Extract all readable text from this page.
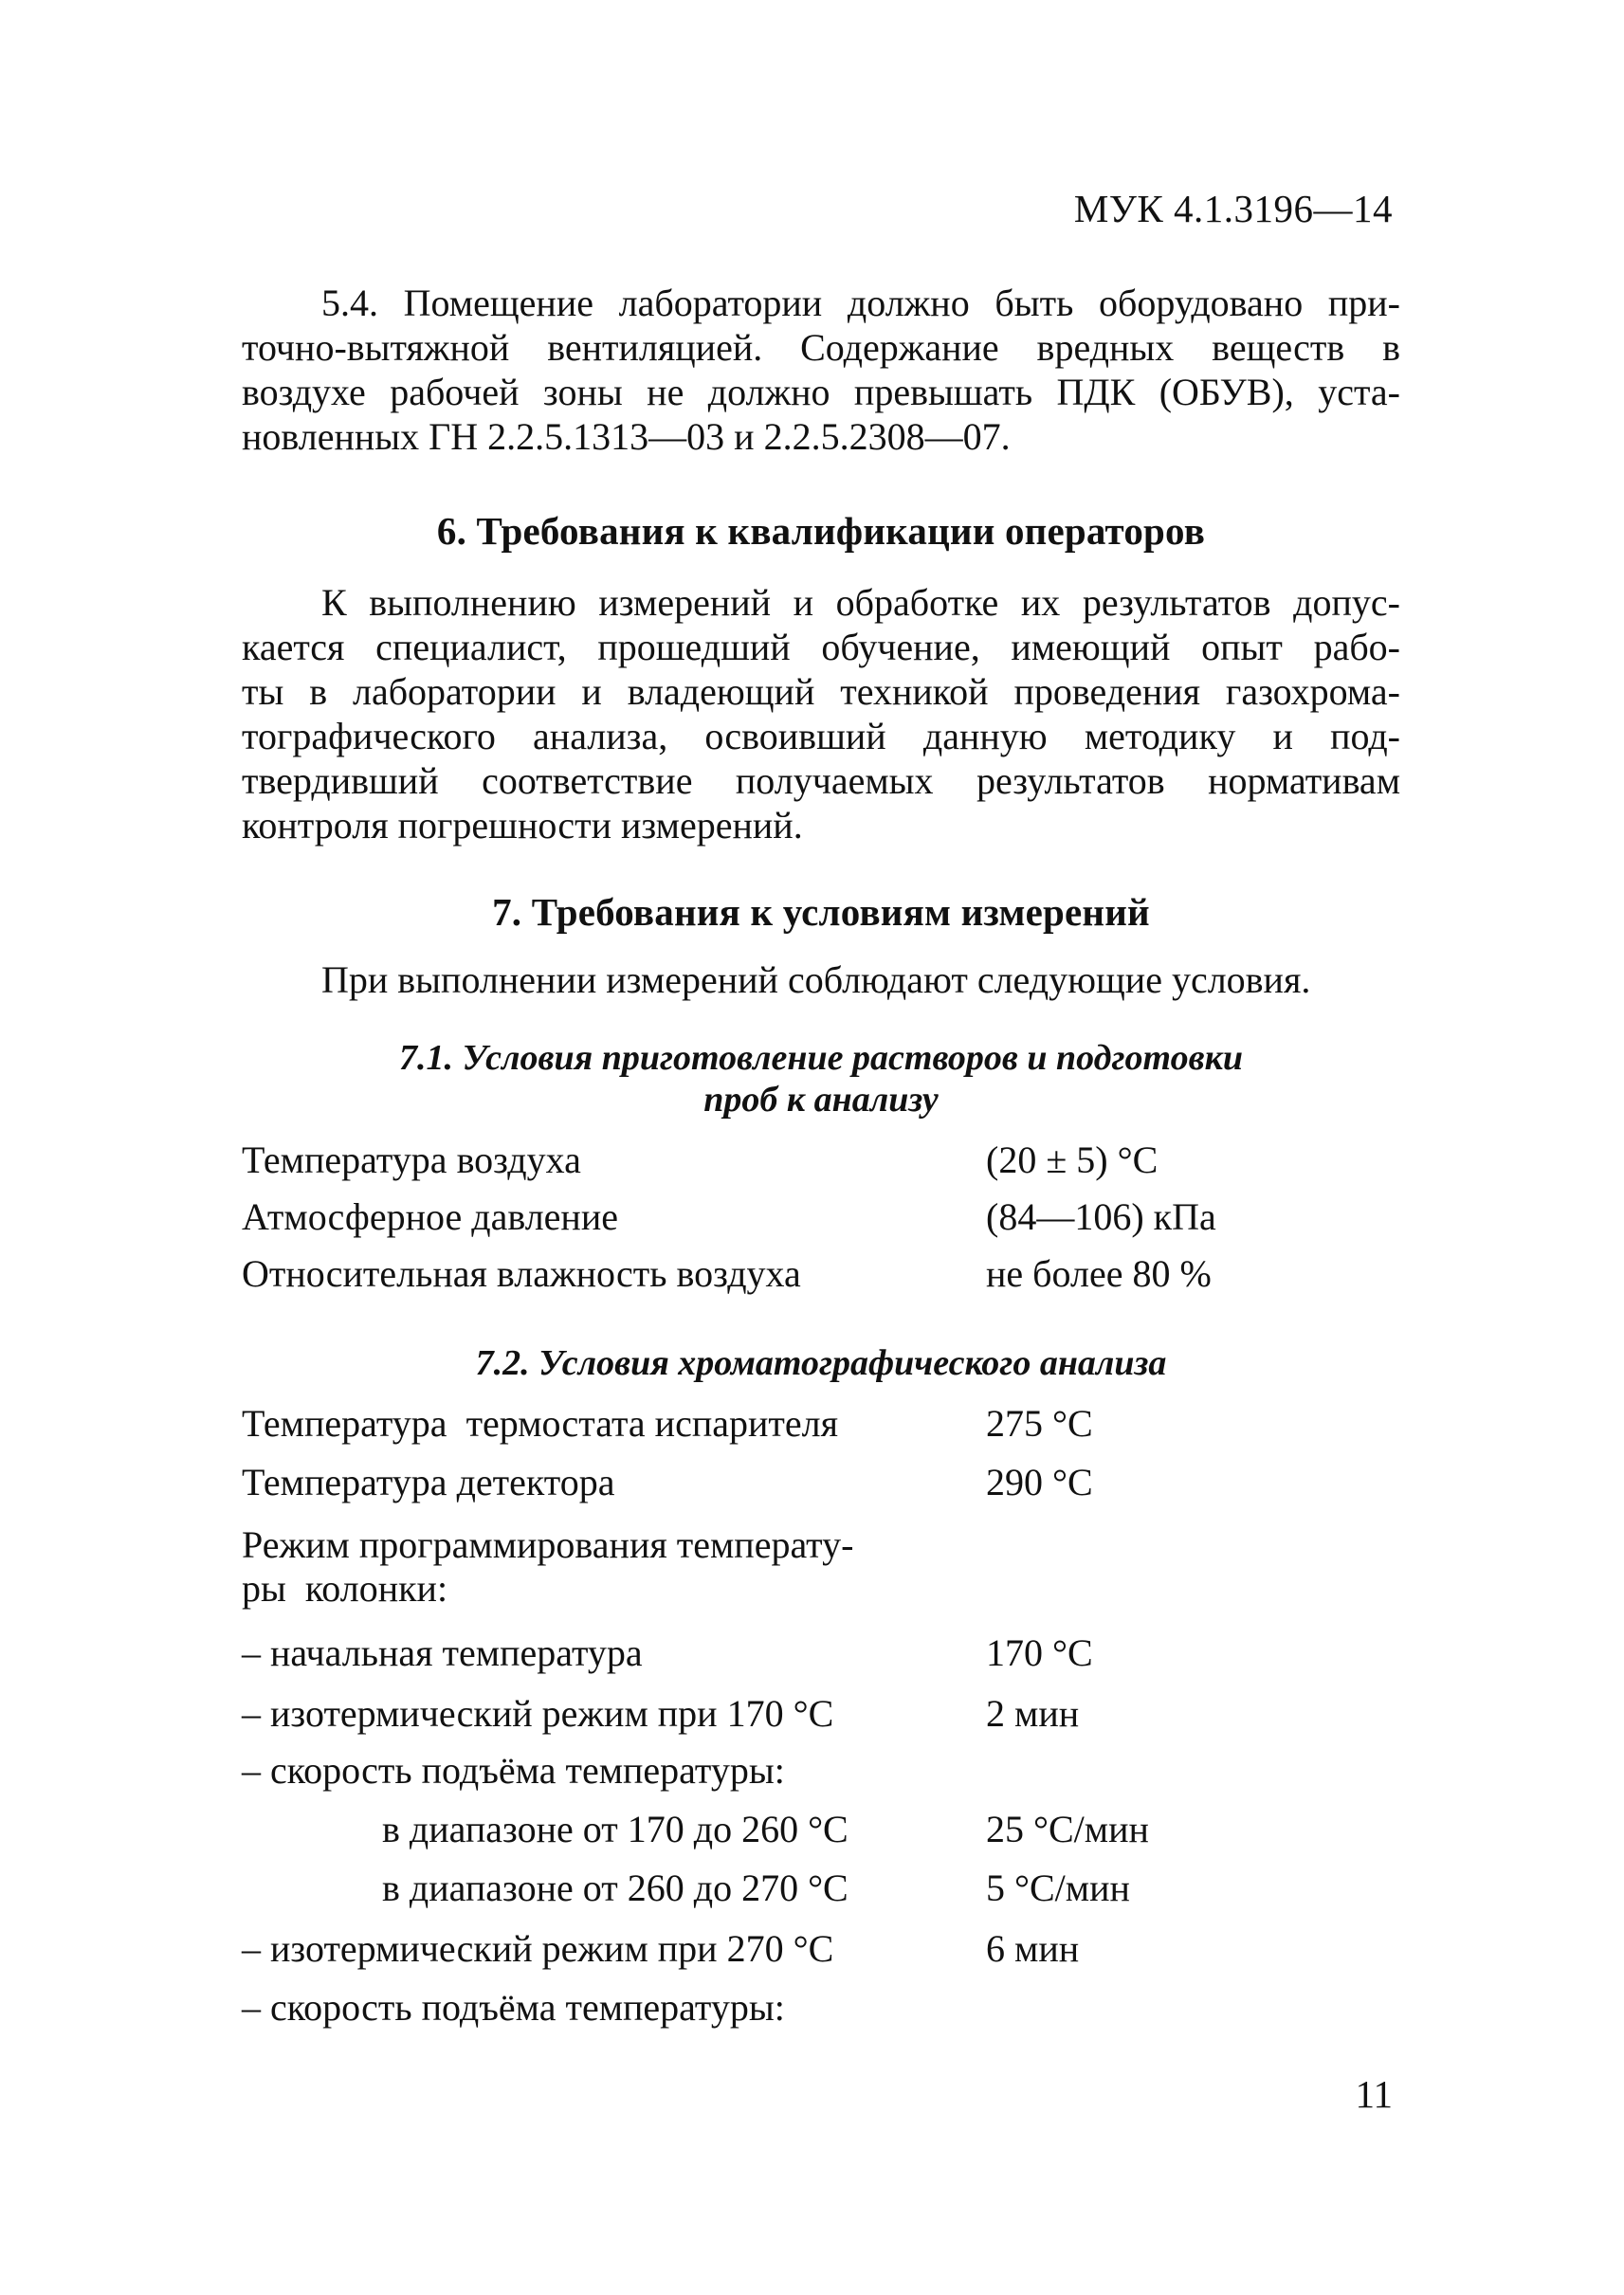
МУК 4.1.3196—14
5.4. Помещение лаборатории должно быть оборудовано при-
точно-вытяжной вентиляцией. Содержание вредных веществ в
воздухе рабочей зоны не должно превышать ПДК (ОБУВ), уста-
новленных ГН 2.2.5.1313—03 и 2.2.5.2308—07.
6. Требования к квалификации операторов
К выполнению измерений и обработке их результатов допус-
кается специалист, прошедший обучение, имеющий опыт рабо-
ты в лаборатории и владеющий техникой проведения газохрома-
тографического анализа, освоивший данную методику и под-
твердивший соответствие получаемых результатов нормативам
контроля погрешности измерений.
7. Требования к условиям измерений
При выполнении измерений соблюдают следующие условия.
7.1. Условия приготовление растворов и подготовки
проб к анализу
Температура воздуха	(20 ± 5) °С
Атмосферное давление	(84—106) кПа
Относительная влажность воздуха	не более 80 %
7.2. Условия хроматографического анализа
Температура  термостата испарителя	275 °С
Температура детектора	290 °С
Режим программирования температу-
ры  колонки:
– начальная температура	170 °С
– изотермический режим при 170 °С	2 мин
– скорость подъёма температуры:
в диапазоне от 170 до 260 °С	25 °С/мин
в диапазоне от 260 до 270 °С	5 °С/мин
– изотермический режим при 270 °С	6 мин
– скорость подъёма температуры:
11
